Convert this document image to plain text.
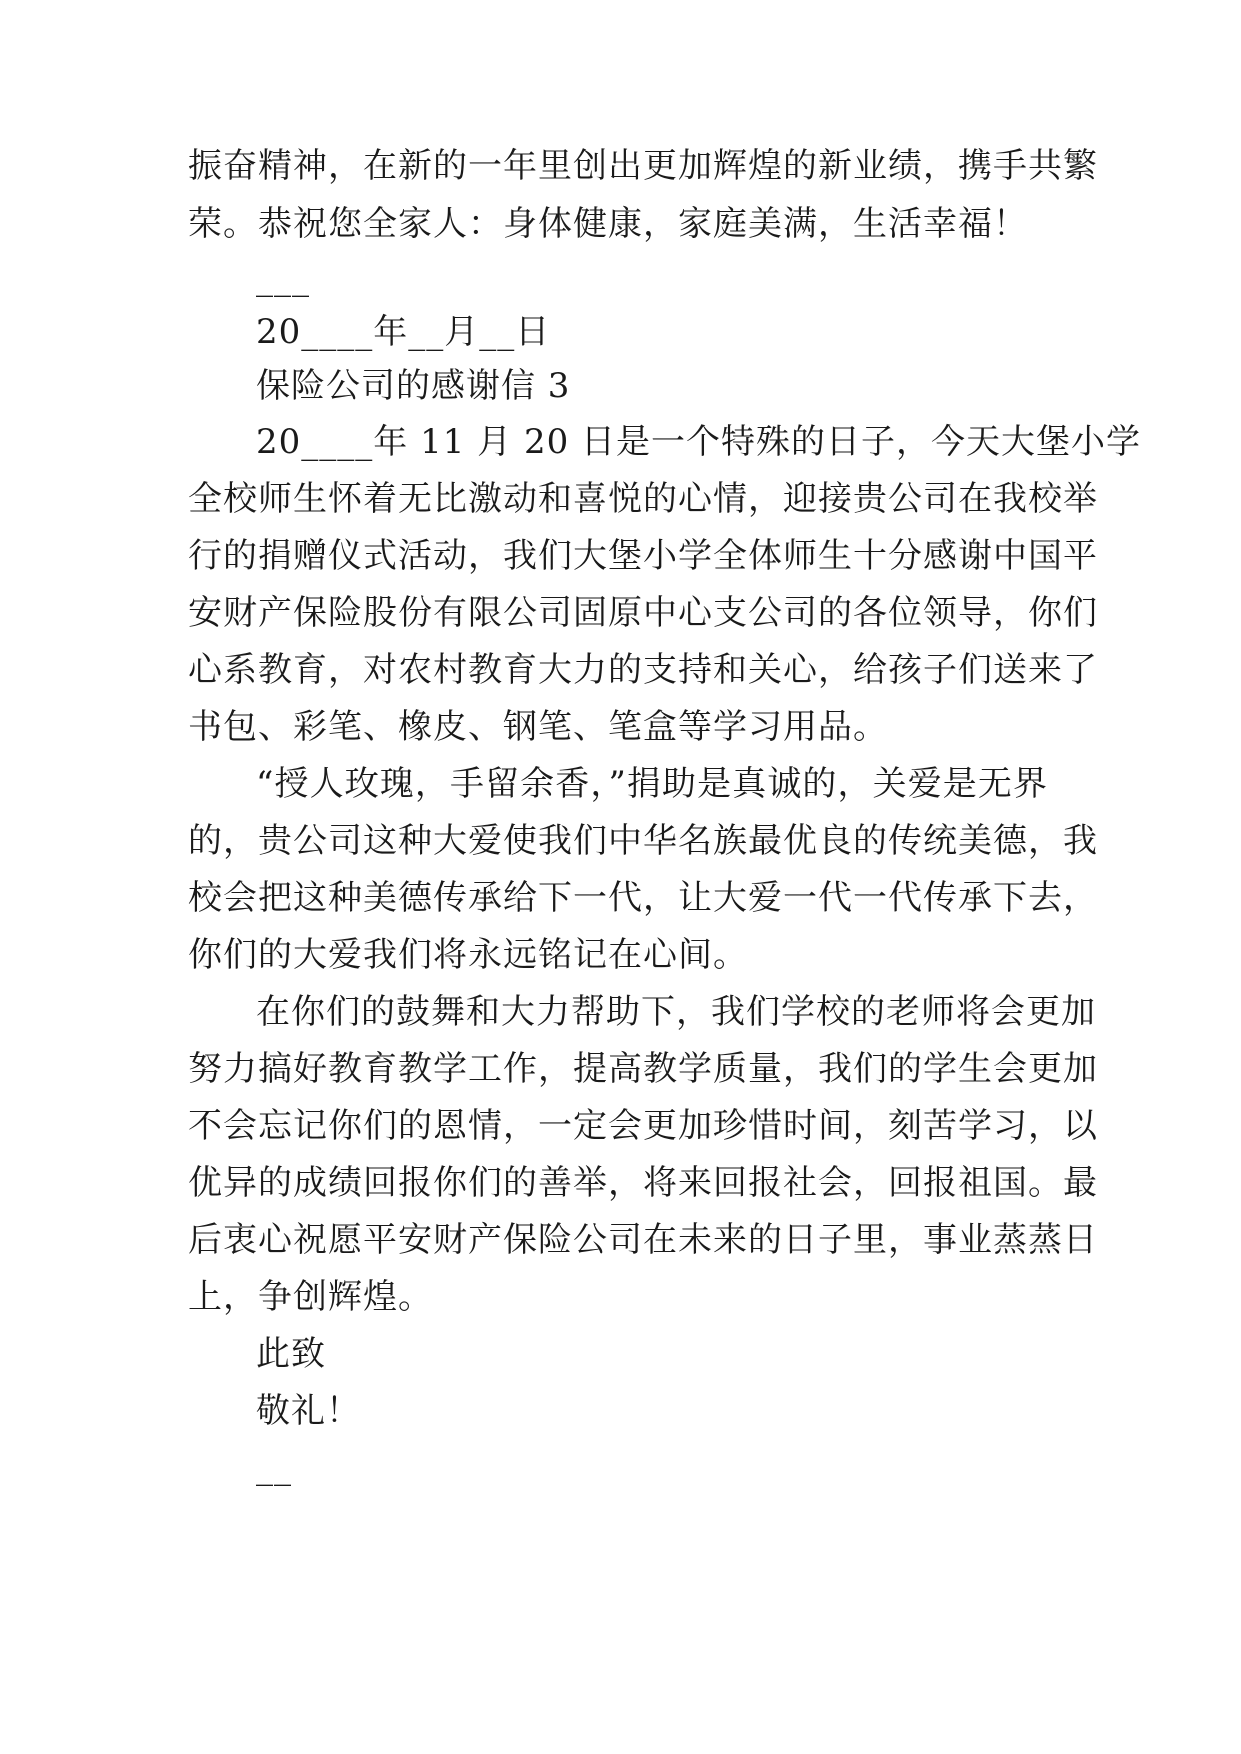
振奋精神，在新的一年里创出更加辉煌的新业绩，携手共繁
荣。恭祝您全家人：身体健康，家庭美满，生活幸福！
___
20____年__月__日
保险公司的感谢信 3
20____年 11 月 20 日是一个特殊的日子，今天大堡小学
全校师生怀着无比激动和喜悦的心情，迎接贵公司在我校举
行的捐赠仪式活动，我们大堡小学全体师生十分感谢中国平
安财产保险股份有限公司固原中心支公司的各位领导，你们
心系教育，对农村教育大力的支持和关心，给孩子们送来了
书包、彩笔、橡皮、钢笔、笔盒等学习用品。
“授人玫瑰，手留余香，”捐助是真诚的，关爱是无界
的，贵公司这种大爱使我们中华名族最优良的传统美德，我
校会把这种美德传承给下一代，让大爱一代一代传承下去，
你们的大爱我们将永远铭记在心间。
在你们的鼓舞和大力帮助下，我们学校的老师将会更加
努力搞好教育教学工作，提高教学质量，我们的学生会更加
不会忘记你们的恩情，一定会更加珍惜时间，刻苦学习，以
优异的成绩回报你们的善举，将来回报社会，回报祖国。最
后衷心祝愿平安财产保险公司在未来的日子里，事业蒸蒸日
上，争创辉煌。
此致
敬礼！
__
